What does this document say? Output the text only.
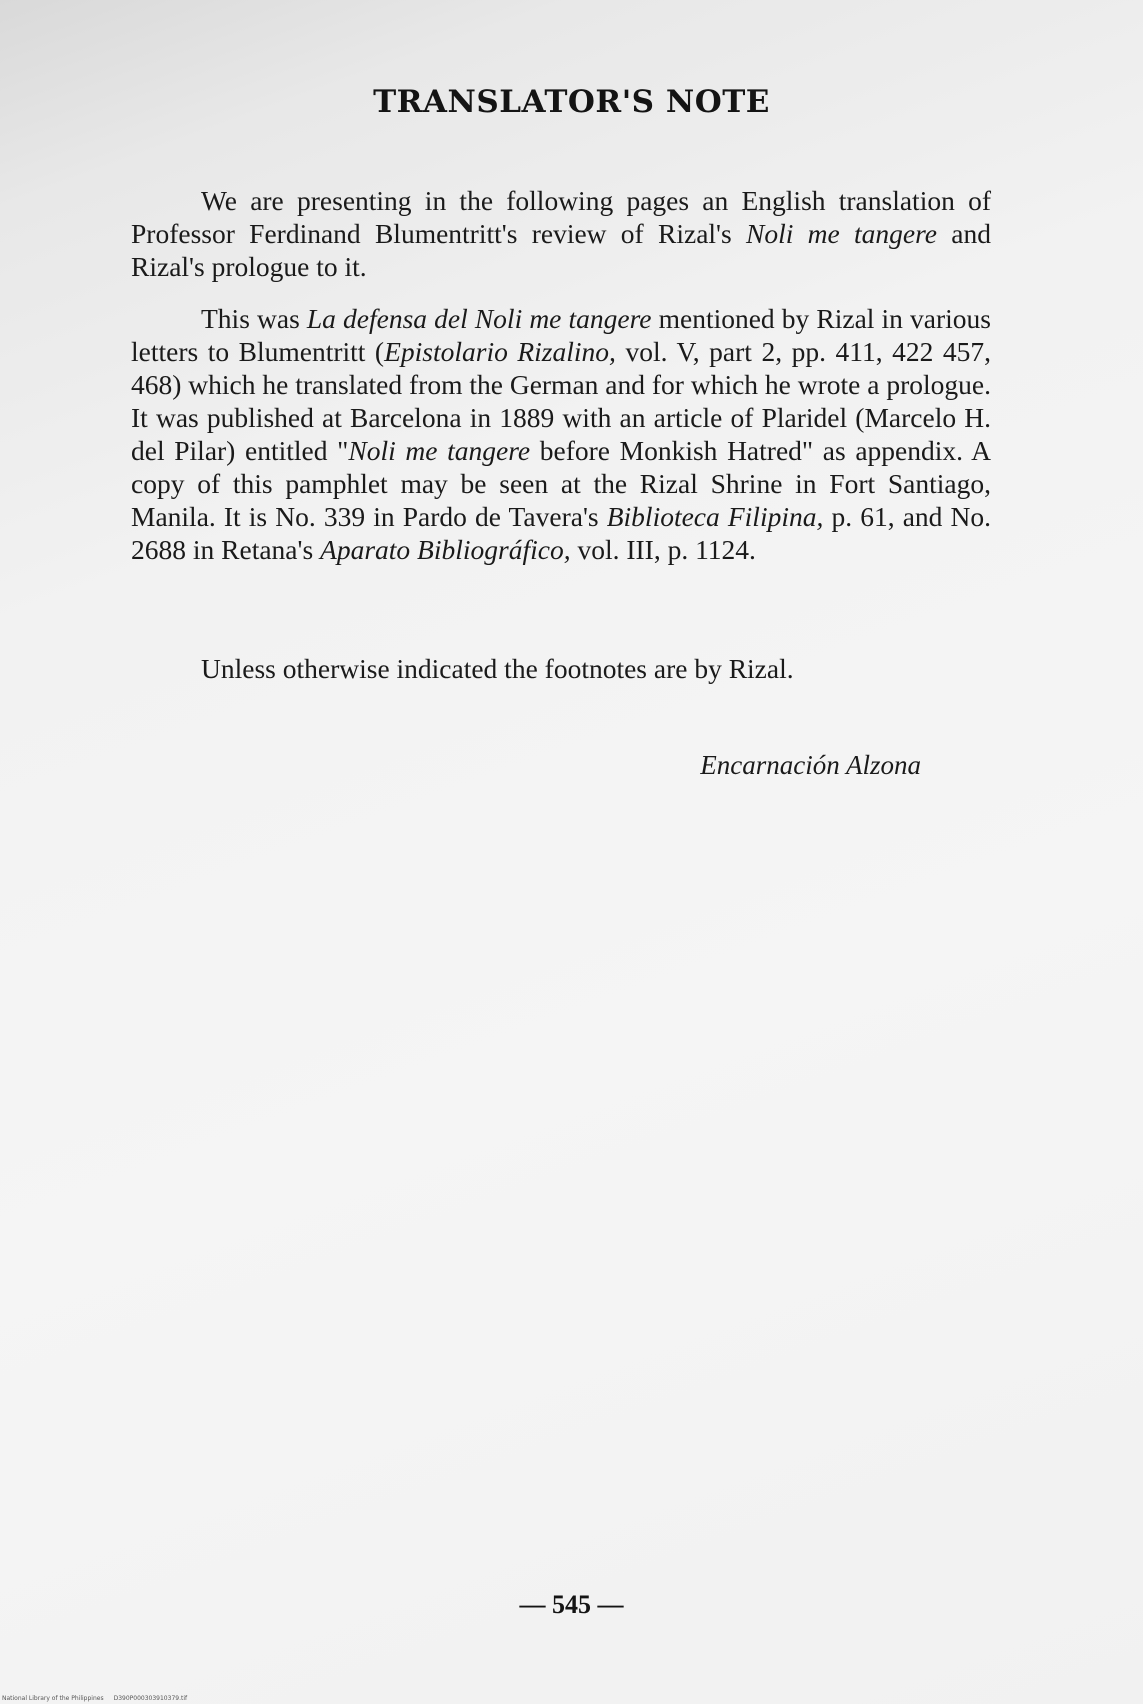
TRANSLATOR'S NOTE

We are presenting in the following pages an English translation of Professor Ferdinand Blumentritt's review of Rizal's Noli me tangere and Rizal's prologue to it.

This was La defensa del Noli me tangere mentioned by Rizal in various letters to Blumentritt (Epistolario Rizalino, vol. V, part 2, pp. 411, 422 457, 468) which he translated from the German and for which he wrote a prologue. It was published at Barcelona in 1889 with an article of Plaridel (Marcelo H. del Pilar) entitled "Noli me tangere before Monkish Hatred" as appendix. A copy of this pamphlet may be seen at the Rizal Shrine in Fort Santiago, Manila. It is No. 339 in Pardo de Tavera's Biblioteca Filipina, p. 61, and No. 2688 in Retana's Aparato Bibliográfico, vol. III, p. 1124.

Unless otherwise indicated the footnotes are by Rizal.

Encarnación Alzona
— 545 —
National Library of the Philippines D390P000303910379.tif
